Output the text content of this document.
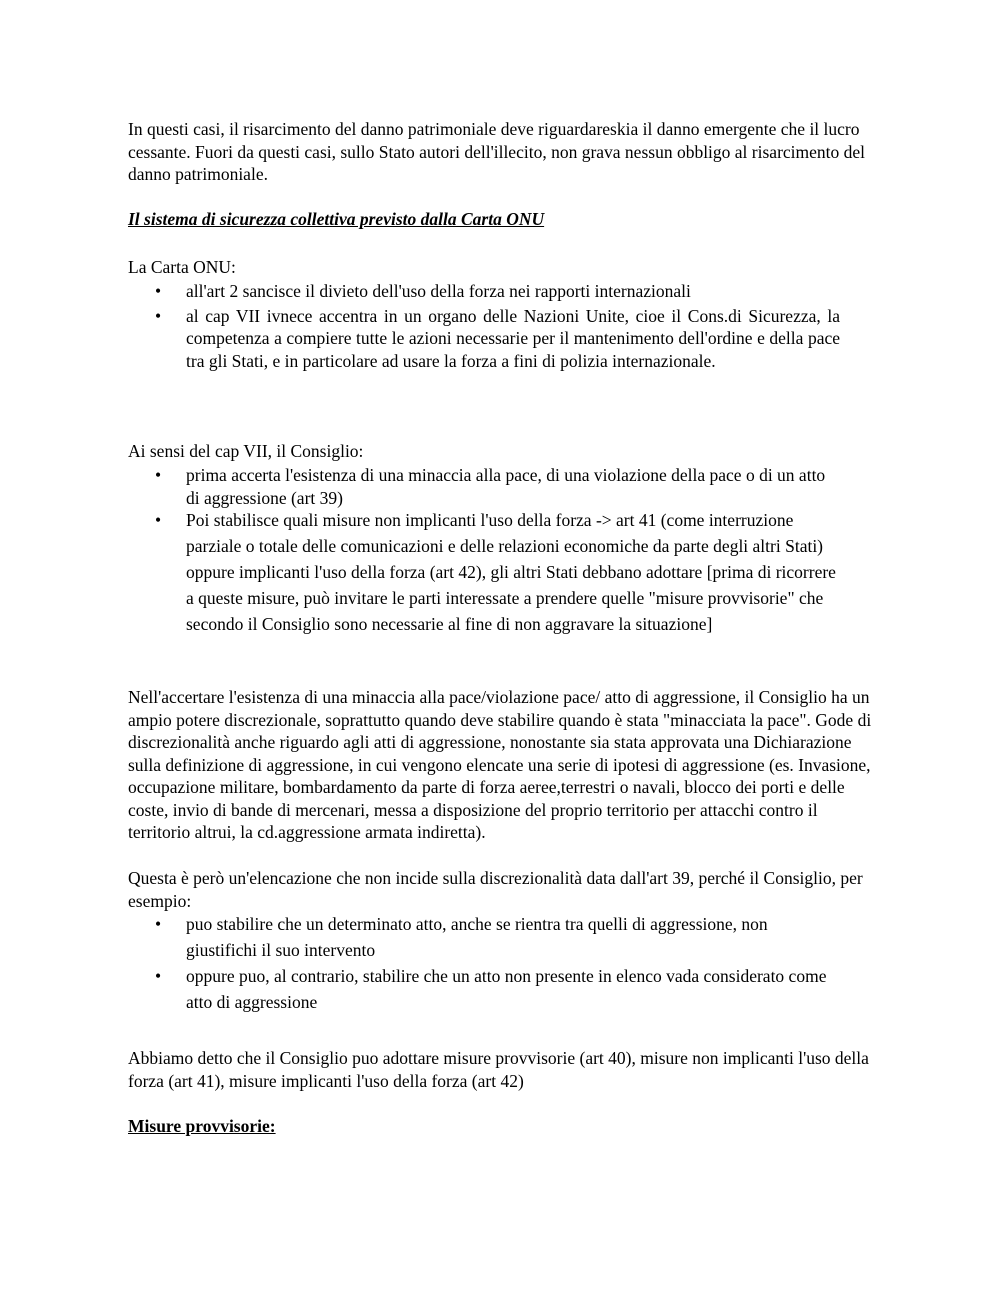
In questi casi, il risarcimento del danno patrimoniale deve riguardareskia il danno emergente che il lucro cessante. Fuori da questi casi, sullo Stato autori dell'illecito, non grava nessun obbligo al risarcimento del danno patrimoniale.
Il sistema di sicurezza collettiva previsto dalla Carta ONU
La Carta ONU:
• all'art 2 sancisce il divieto dell'uso della forza nei rapporti internazionali
• al cap VII ivnece accentra in un organo delle Nazioni Unite, cioe il Cons.di Sicurezza, la competenza a compiere tutte le azioni necessarie per il mantenimento dell'ordine e della pace tra gli Stati, e in particolare ad usare la forza a fini di polizia internazionale.
Ai sensi del cap VII, il Consiglio:
• prima accerta l'esistenza di una minaccia alla pace, di una violazione della pace o di un atto di aggressione (art 39)
• Poi stabilisce quali misure non implicanti l'uso della forza -> art 41 (come interruzione parziale o totale delle comunicazioni e delle relazioni economiche da parte degli altri Stati) oppure implicanti l'uso della forza (art 42), gli altri Stati debbano adottare [prima di ricorrere a queste misure, può invitare le parti interessate a prendere quelle "misure provvisorie" che secondo il Consiglio sono necessarie al fine di non aggravare la situazione]
Nell'accertare l'esistenza di una minaccia alla pace/violazione pace/ atto di aggressione, il Consiglio ha un ampio potere discrezionale, soprattutto quando deve stabilire quando è stata "minacciata la pace". Gode di discrezionalità anche riguardo agli atti di aggressione, nonostante sia stata approvata una Dichiarazione sulla definizione di aggressione, in cui vengono elencate una serie di ipotesi di aggressione (es. Invasione, occupazione militare, bombardamento da parte di forza aeree,terrestri o navali, blocco dei porti e delle coste, invio di bande di mercenari, messa a disposizione del proprio territorio per attacchi contro il territorio altrui, la cd.aggressione armata indiretta).
Questa è però un'elencazione che non incide sulla discrezionalità data dall'art 39, perché il Consiglio, per esempio:
• puo stabilire che un determinato atto, anche se rientra tra quelli di aggressione, non giustifichi il suo intervento
• oppure puo, al contrario, stabilire che un atto non presente in elenco vada considerato come atto di aggressione
Abbiamo detto che il Consiglio puo adottare misure provvisorie (art 40), misure non implicanti l'uso della forza (art 41), misure implicanti l'uso della forza (art 42)
Misure provvisorie:
